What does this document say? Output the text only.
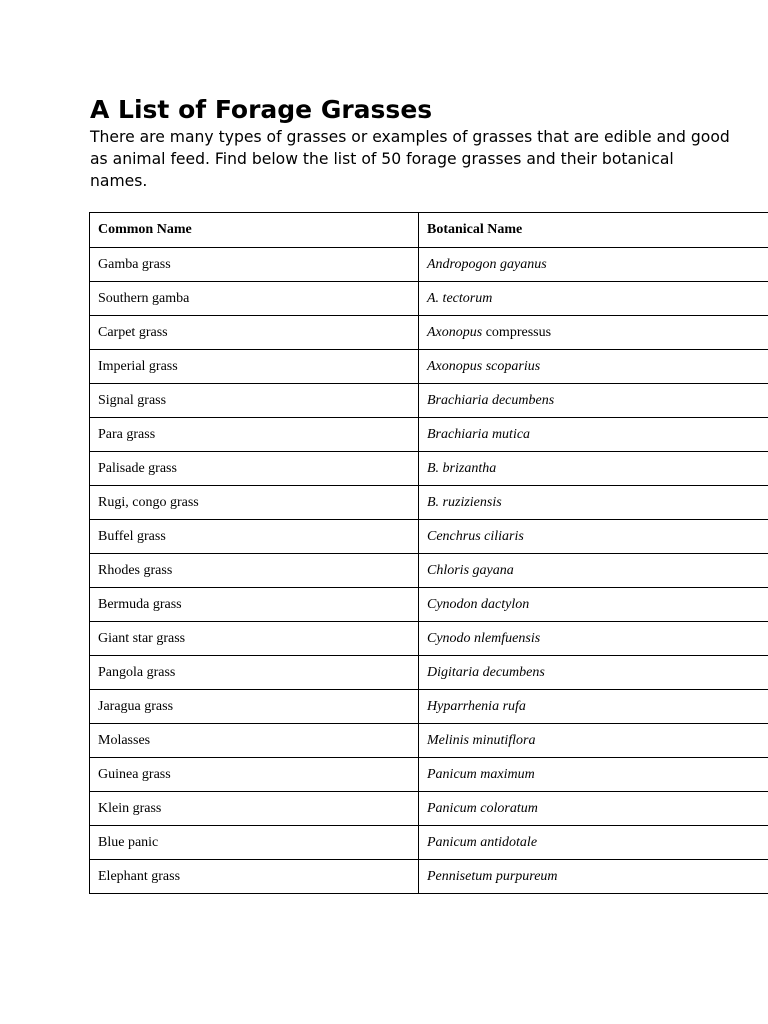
A List of Forage Grasses

There are many types of grasses or examples of grasses that are edible and good as animal feed. Find below the list of 50 forage grasses and their botanical names.

Common Name	Botanical Name
Gamba grass	Andropogon gayanus
Southern gamba	A. tectorum
Carpet grass	Axonopus compressus
Imperial grass	Axonopus scoparius
Signal grass	Brachiaria decumbens
Para grass	Brachiaria mutica
Palisade grass	B. brizantha
Rugi, congo grass	B. ruziziensis
Buffel grass	Cenchrus ciliaris
Rhodes grass	Chloris gayana
Bermuda grass	Cynodon dactylon
Giant star grass	Cynodo nlemfuensis
Pangola grass	Digitaria decumbens
Jaragua grass	Hyparrhenia rufa
Molasses	Melinis minutiflora
Guinea grass	Panicum maximum
Klein grass	Panicum coloratum
Blue panic	Panicum antidotale
Elephant grass	Pennisetum purpureum
